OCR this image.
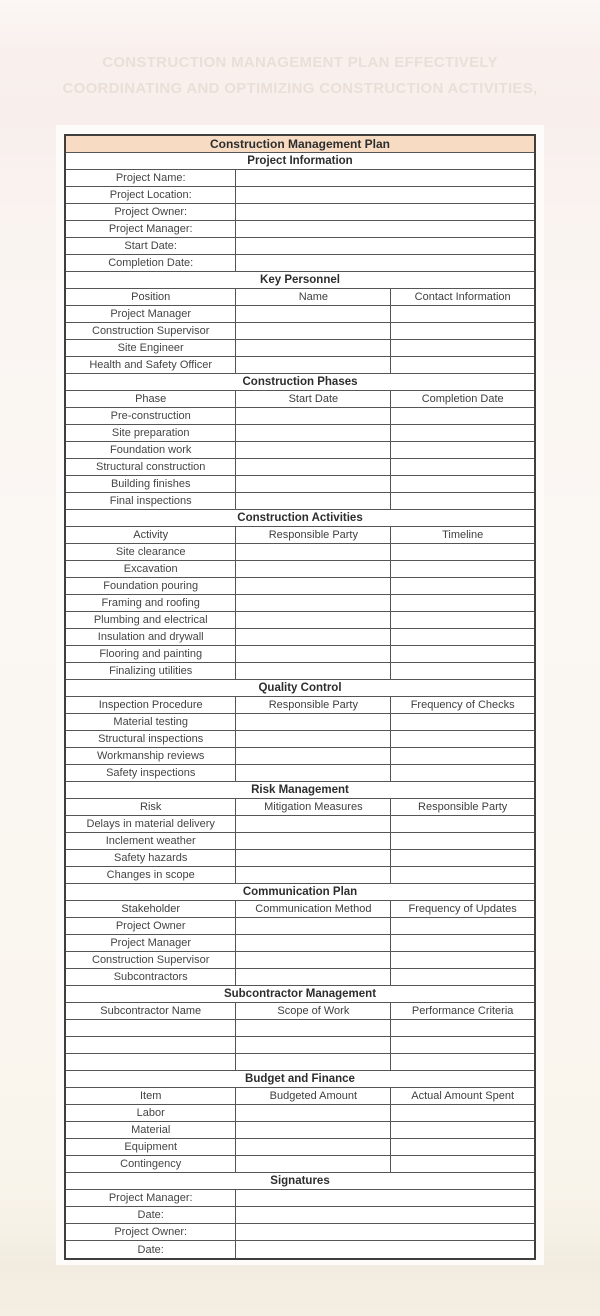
CONSTRUCTION MANAGEMENT PLAN EFFECTIVELY
COORDINATING AND OPTIMIZING CONSTRUCTION ACTIVITIES,
Construction Management Plan
Project Information
Project Name:
Project Location:
Project Owner:
Project Manager:
Start Date:
Completion Date:
Key Personnel
Position	Name	Contact Information
Project Manager
Construction Supervisor
Site Engineer
Health and Safety Officer
Construction Phases
Phase	Start Date	Completion Date
Pre-construction
Site preparation
Foundation work
Structural construction
Building finishes
Final inspections
Construction Activities
Activity	Responsible Party	Timeline
Site clearance
Excavation
Foundation pouring
Framing and roofing
Plumbing and electrical
Insulation and drywall
Flooring and painting
Finalizing utilities
Quality Control
Inspection Procedure	Responsible Party	Frequency of Checks
Material testing
Structural inspections
Workmanship reviews
Safety inspections
Risk Management
Risk	Mitigation Measures	Responsible Party
Delays in material delivery
Inclement weather
Safety hazards
Changes in scope
Communication Plan
Stakeholder	Communication Method	Frequency of Updates
Project Owner
Project Manager
Construction Supervisor
Subcontractors
Subcontractor Management
Subcontractor Name	Scope of Work	Performance Criteria
Budget and Finance
Item	Budgeted Amount	Actual Amount Spent
Labor
Material
Equipment
Contingency
Signatures
Project Manager:
Date:
Project Owner:
Date:
